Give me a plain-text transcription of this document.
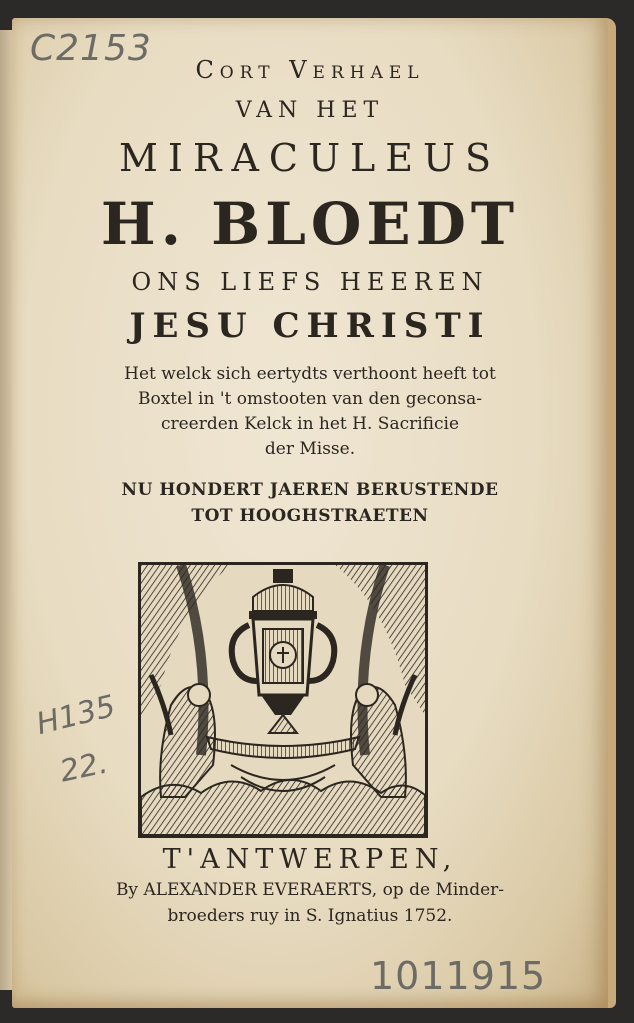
C2153
Cort Verhael
VAN HET
MIRACULEUS
H. BLOEDT
ONS LIEFS HEEREN
JESU CHRISTI
Het welck sich eertydts verthoont heeft tot
Boxtel in 't omstooten van den geconsa-
creerden Kelck in het H. Sacrificie
der Misse.
NU HONDERT JAEREN BERUSTENDE
TOT HOOGHSTRAETEN
H135
22.
T'ANTWERPEN,
By ALEXANDER EVERAERTS, op de Minder-
broeders ruy in S. Ignatius 1752.
1011915
